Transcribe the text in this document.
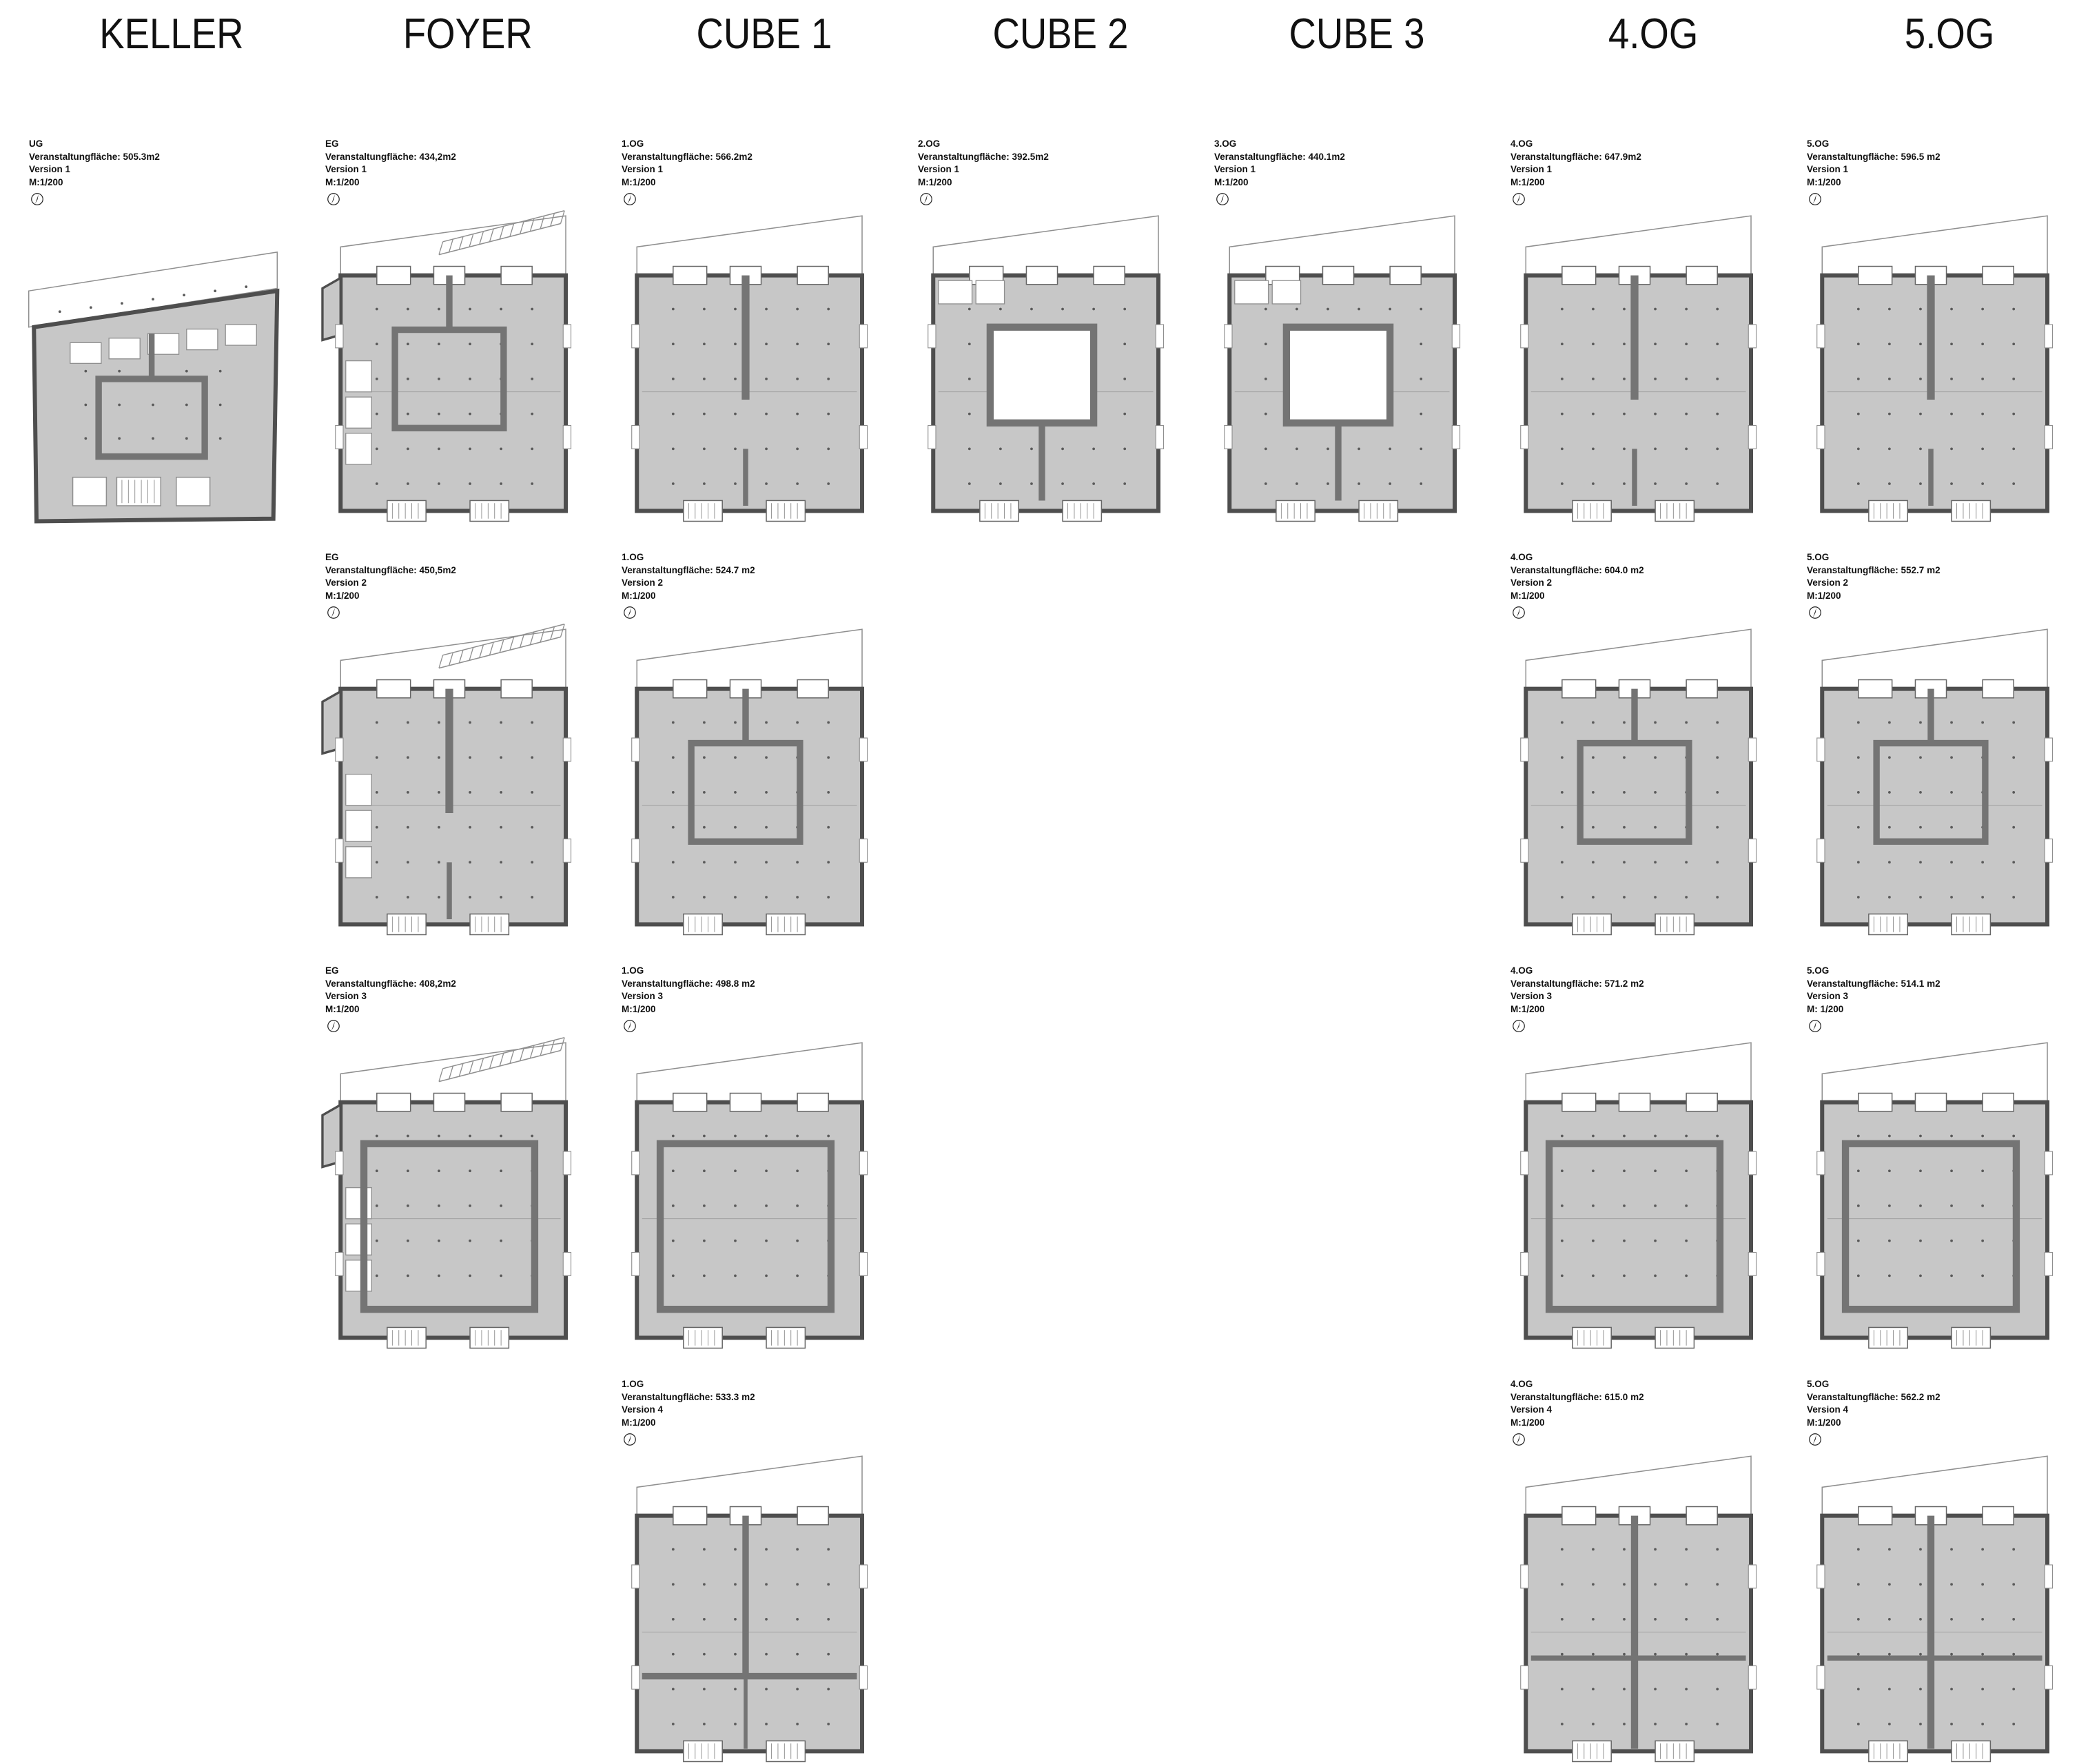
KELLER	FOYER	CUBE 1	CUBE 2	CUBE 3	4.OG	5.OG
UG
Veranstaltungfläche: 505.3m2
Version 1
M:1/200
EG
Veranstaltungfläche: 434,2m2
Version 1
M:1/200
1.OG
Veranstaltungfläche: 566.2m2
Version 1
M:1/200
2.OG
Veranstaltungfläche: 392.5m2
Version 1
M:1/200
3.OG
Veranstaltungfläche: 440.1m2
Version 1
M:1/200
4.OG
Veranstaltungfläche: 647.9m2
Version 1
M:1/200
5.OG
Veranstaltungfläche: 596.5 m2
Version 1
M:1/200
EG
Veranstaltungfläche: 450,5m2
Version 2
M:1/200
1.OG
Veranstaltungfläche: 524.7 m2
Version 2
M:1/200
4.OG
Veranstaltungfläche: 604.0 m2
Version 2
M:1/200
5.OG
Veranstaltungfläche: 552.7 m2
Version 2
M:1/200
EG
Veranstaltungfläche: 408,2m2
Version 3
M:1/200
1.OG
Veranstaltungfläche: 498.8 m2
Version 3
M:1/200
4.OG
Veranstaltungfläche: 571.2 m2
Version 3
M:1/200
5.OG
Veranstaltungfläche: 514.1 m2
Version 3
M: 1/200
1.OG
Veranstaltungfläche: 533.3 m2
Version 4
M:1/200
4.OG
Veranstaltungfläche: 615.0 m2
Version 4
M:1/200
5.OG
Veranstaltungfläche: 562.2 m2
Version 4
M:1/200
